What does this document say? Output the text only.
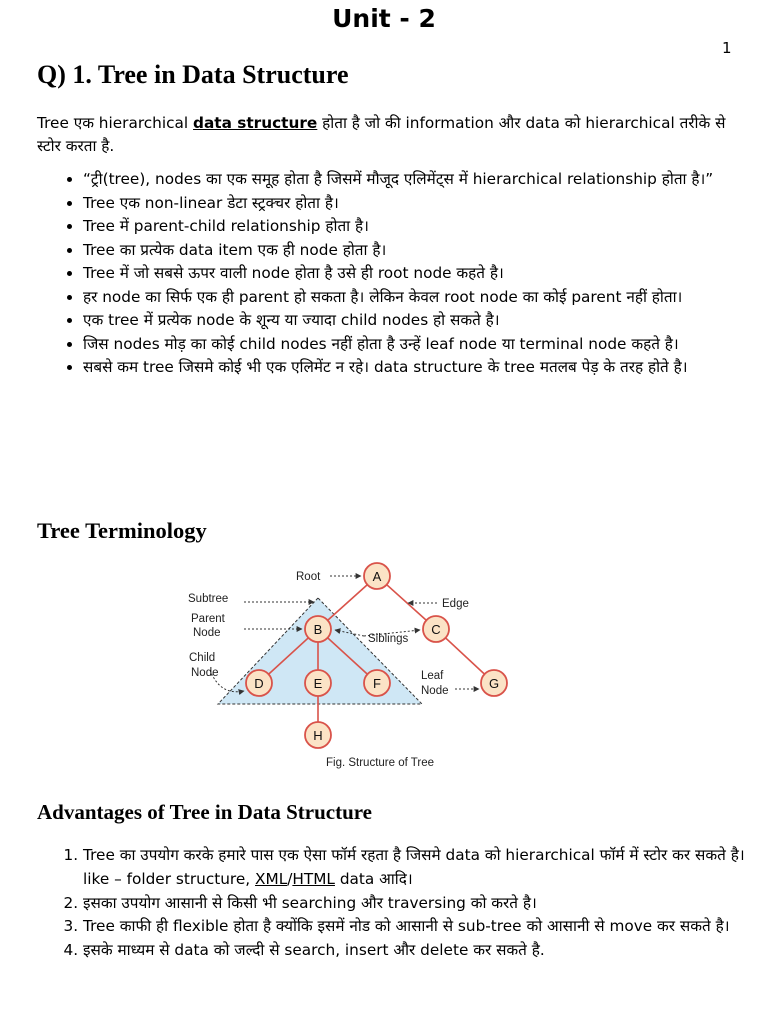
Unit - 2
1
Q) 1. Tree in Data Structure
Tree एक hierarchical data structure होता है जो की information और data को hierarchical तरीके से स्टोर करता है.
• “ट्री(tree), nodes का एक समूह होता है जिसमें मौजूद एलिमेंट्स में hierarchical relationship होता है।”
• Tree एक non-linear डेटा स्ट्रक्चर होता है।
• Tree में parent-child relationship होता है।
• Tree का प्रत्येक data item एक ही node होता है।
• Tree में जो सबसे ऊपर वाली node होता है उसे ही root node कहते है।
• हर node का सिर्फ एक ही parent हो सकता है। लेकिन केवल root node का कोई parent नहीं होता।
• एक tree में प्रत्येक node के शून्य या ज्यादा child nodes हो सकते है।
• जिस nodes मोड़ का कोई child nodes नहीं होता है उन्हें leaf node या terminal node कहते है।
• सबसे कम tree जिसमे कोई भी एक एलिमेंट न रहे। data structure के tree मतलब पेड़ के तरह होते है।
Tree Terminology
A
B	C
D	E	F	G
H
Root
Edge
Subtree
Parent
Node	Siblings
Child
Node	Leaf
Node
Fig. Structure of Tree
Advantages of Tree in Data Structure
1. Tree का उपयोग करके हमारे पास एक ऐसा फॉर्म रहता है जिसमे data को hierarchical फॉर्म में स्टोर कर सकते है। like – folder structure, XML/HTML data आदि।
2. इसका उपयोग आसानी से किसी भी searching और traversing को करते है।
3. Tree काफी ही flexible होता है क्योंकि इसमें नोड को आसानी से sub-tree को आसानी से move कर सकते है।
4. इसके माध्यम से data को जल्दी से search, insert और delete कर सकते है.
